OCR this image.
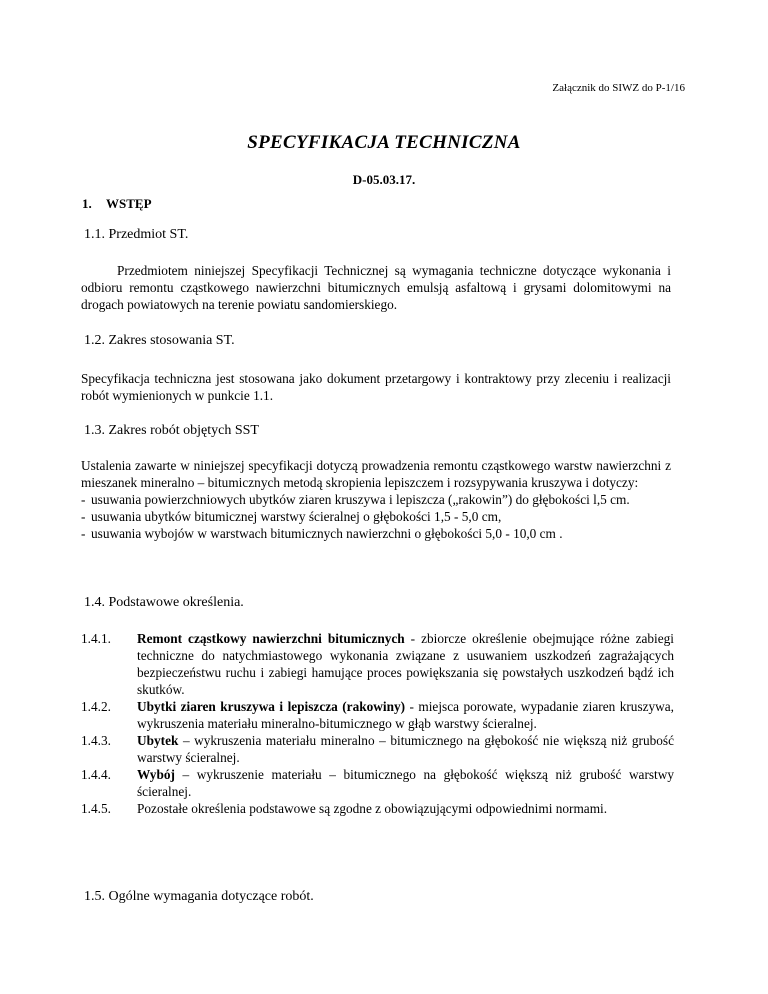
Załącznik do SIWZ do P-1/16
SPECYFIKACJA TECHNICZNA
D-05.03.17.
1. WSTĘP
1.1. Przedmiot ST.

Przedmiotem niniejszej Specyfikacji Technicznej są wymagania techniczne dotyczące wykonania i odbioru remontu cząstkowego nawierzchni bitumicznych emulsją asfaltową i grysami dolomitowymi na drogach powiatowych na terenie powiatu sandomierskiego.

1.2. Zakres stosowania ST.

Specyfikacja techniczna jest stosowana jako dokument przetargowy i kontraktowy przy zleceniu i realizacji robót wymienionych w punkcie 1.1.

1.3. Zakres robót objętych SST

Ustalenia zawarte w niniejszej specyfikacji dotyczą prowadzenia remontu cząstkowego warstw nawierzchni z mieszanek mineralno – bitumicznych metodą skropienia lepiszczem i rozsypywania kruszywa i dotyczy:

- usuwania powierzchniowych ubytków ziaren kruszywa i lepiszcza („rakowin”) do głębokości l,5 cm.
- usuwania ubytków bitumicznej warstwy ścieralnej o głębokości 1,5 - 5,0 cm,
- usuwania wybojów w warstwach bitumicznych nawierzchni o głębokości 5,0 - 10,0 cm .
1.4. Podstawowe określenia.
1.4.1.	Remont cząstkowy nawierzchni bitumicznych - zbiorcze określenie obejmujące różne zabiegi techniczne do natychmiastowego wykonania związane z usuwaniem uszkodzeń zagrażających bezpieczeństwu ruchu i zabiegi hamujące proces powiększania się powstałych uszkodzeń bądź ich skutków.
1.4.2.	Ubytki ziaren kruszywa i lepiszcza (rakowiny) - miejsca porowate, wypadanie ziaren kruszywa, wykruszenia materiału mineralno-bitumicznego w głąb warstwy ścieralnej.
1.4.3.	Ubytek – wykruszenia materiału mineralno – bitumicznego na głębokość nie większą niż grubość warstwy ścieralnej.
1.4.4.	Wybój – wykruszenie materiału – bitumicznego na głębokość większą niż grubość warstwy ścieralnej.
1.4.5.	Pozostałe określenia podstawowe są zgodne z obowiązującymi odpowiednimi normami.
1.5. Ogólne wymagania dotyczące robót.
